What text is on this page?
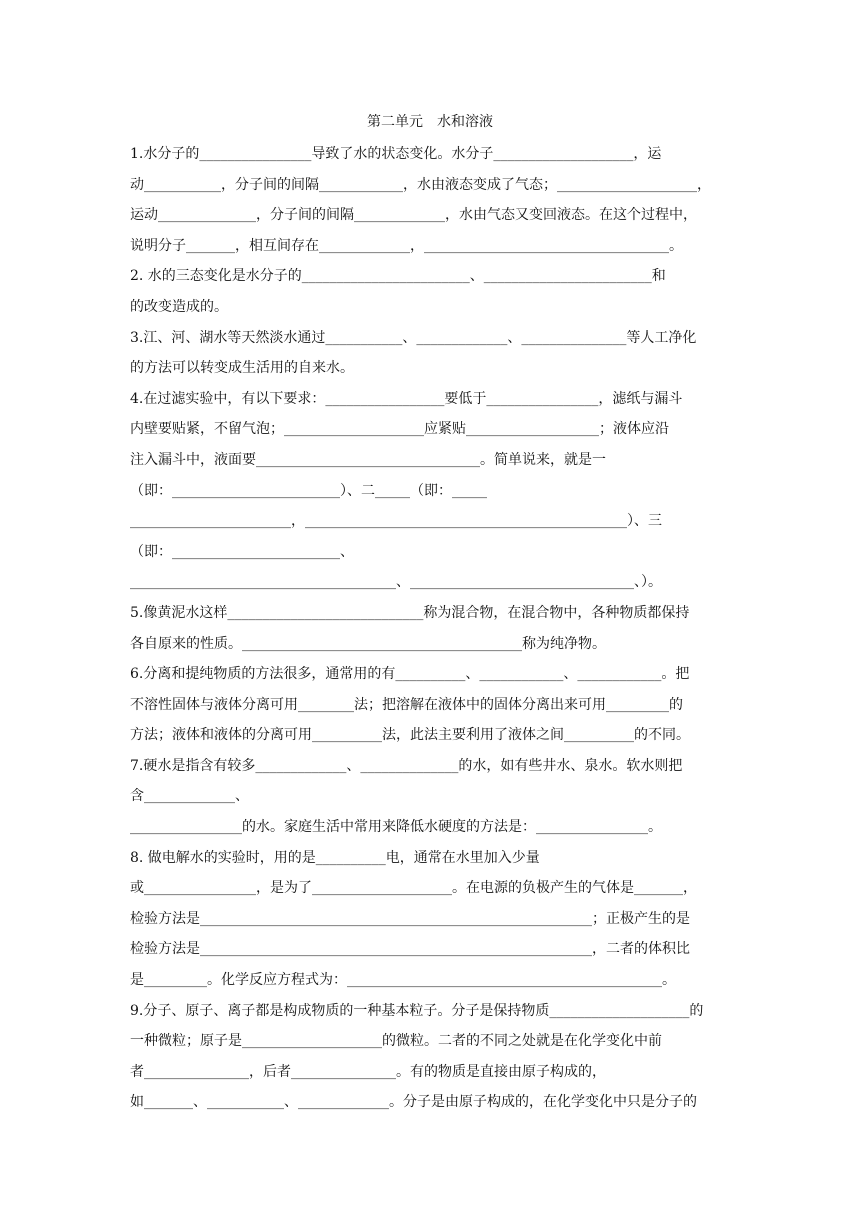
第二单元　水和溶液
1.水分子的________________导致了水的状态变化。水分子____________________，运
动___________，分子间的间隔____________，水由液态变成了气态；____________________，
运动______________，分子间的间隔_____________，水由气态又变回液态。在这个过程中，
说明分子_______，相互间存在_____________，___________________________________。
2. 水的三态变化是水分子的________________________、________________________和
的改变造成的。
3.江、河、湖水等天然淡水通过___________、_____________、_______________等人工净化
的方法可以转变成生活用的自来水。
4.在过滤实验中，有以下要求：_________________要低于________________，滤纸与漏斗
内壁要贴紧，不留气泡；____________________应紧贴___________________；液体应沿
注入漏斗中，液面要________________________________。简单说来，就是一
（即：________________________）、二_____（即：_____
_______________________，______________________________________________）、三
（即：________________________、
______________________________________、________________________________、）。
5.像黄泥水这样____________________________称为混合物，在混合物中，各种物质都保持
各自原来的性质。________________________________________称为纯净物。
6.分离和提纯物质的方法很多，通常用的有__________、____________、____________。把
不溶性固体与液体分离可用________法；把溶解在液体中的固体分离出来可用_________的
方法；液体和液体的分离可用__________法，此法主要利用了液体之间__________的不同。
7.硬水是指含有较多_____________、______________的水，如有些井水、泉水。软水则把
含_____________、
________________的水。家庭生活中常用来降低水硬度的方法是：________________。
8. 做电解水的实验时，用的是__________电，通常在水里加入少量
或________________，是为了____________________。在电源的负极产生的气体是_______，
检验方法是________________________________________________________；正极产生的是
检验方法是________________________________________________________，二者的体积比
是_________。化学反应方程式为：_____________________________________________。
9.分子、原子、离子都是构成物质的一种基本粒子。分子是保持物质____________________的
一种微粒；原子是____________________的微粒。二者的不同之处就是在化学变化中前
者_______________，后者_______________。有的物质是直接由原子构成的，
如_______、___________、_____________。分子是由原子构成的，在化学变化中只是分子的
